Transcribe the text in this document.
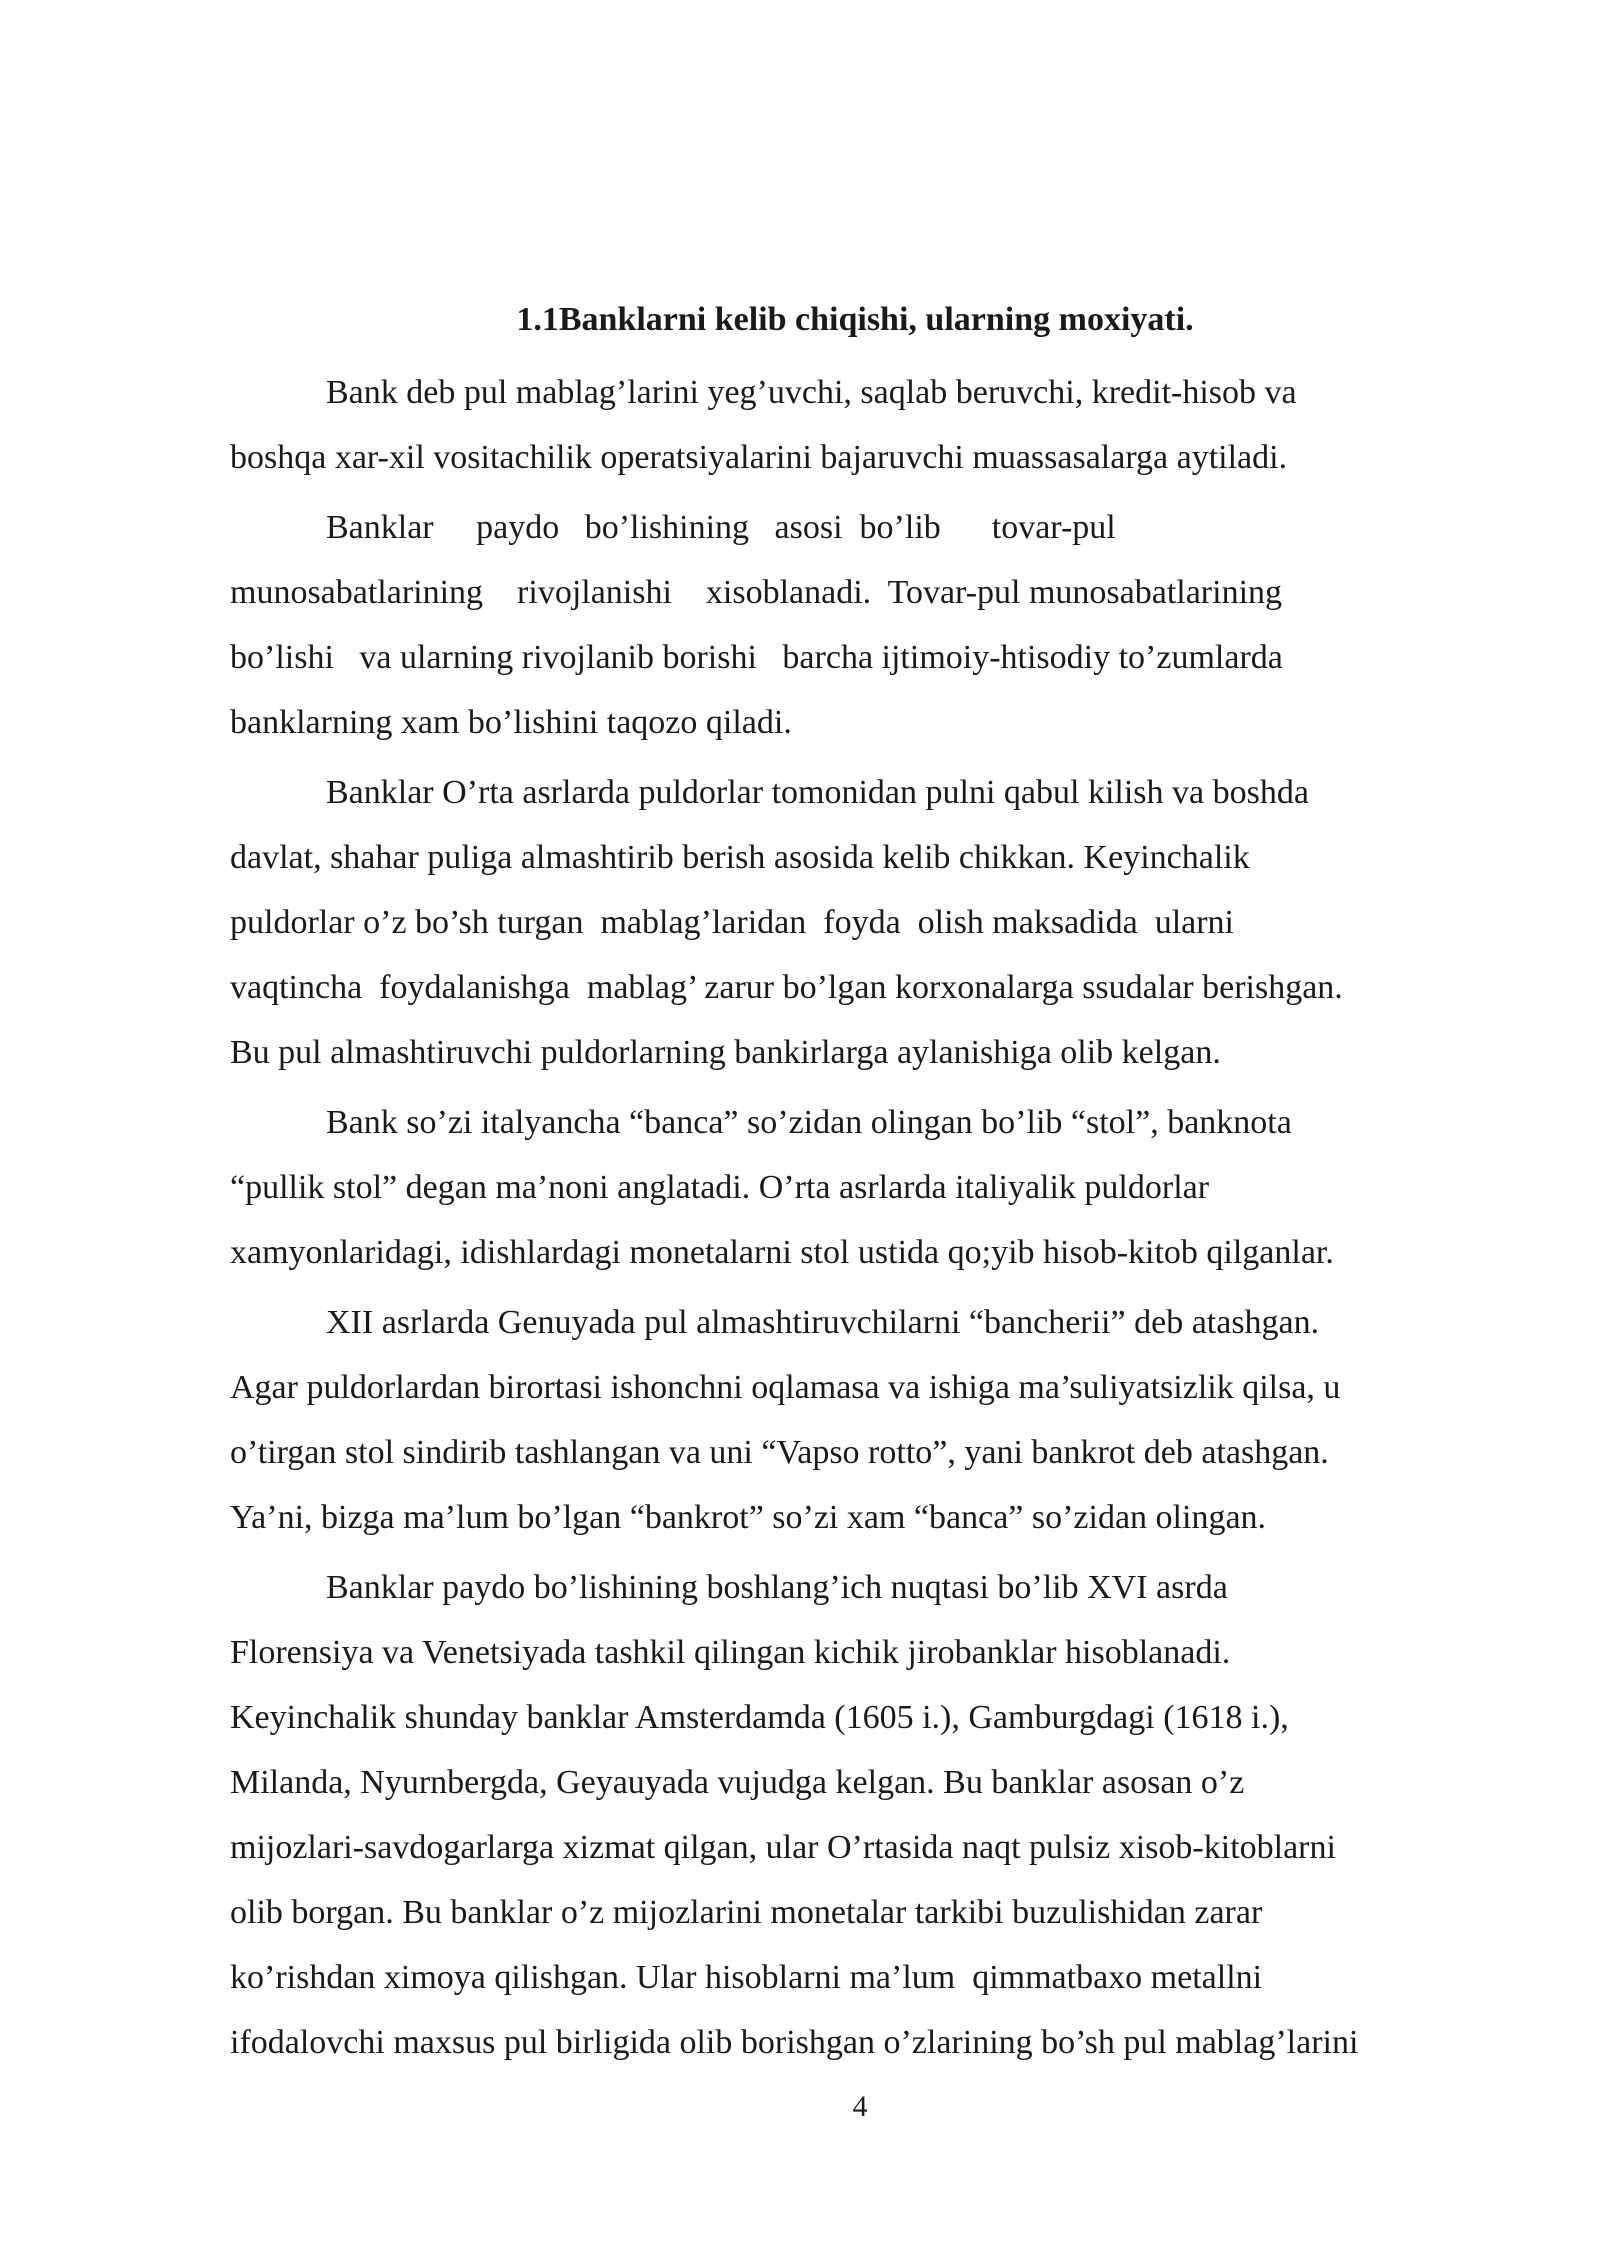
1.1Banklarni kelib chiqishi, ularning moxiyati.

Bank deb pul mablag’larini yeg’uvchi, saqlab beruvchi, kredit-hisob va

boshqa xar-xil vositachilik operatsiyalarini bajaruvchi muassasalarga aytiladi.

Banklar     paydo   bo’lishining   asosi  bo’lib      tovar-pul

munosabatlarining    rivojlanishi    xisoblanadi.  Tovar-pul munosabatlarining

bo’lishi   va ularning rivojlanib borishi   barcha ijtimoiy-htisodiy to’zumlarda

banklarning xam bo’lishini taqozo qiladi.

Banklar O’rta asrlarda puldorlar tomonidan pulni qabul kilish va boshda

davlat, shahar puliga almashtirib berish asosida kelib chikkan. Keyinchalik

puldorlar o’z bo’sh turgan  mablag’laridan  foyda  olish maksadida  ularni

vaqtincha  foydalanishga  mablag’ zarur bo’lgan korxonalarga ssudalar berishgan.

Bu pul almashtiruvchi puldorlarning bankirlarga aylanishiga olib kelgan.

Bank so’zi italyancha “banca” so’zidan olingan bo’lib “stol”, banknota

“pullik stol” degan ma’noni anglatadi. O’rta asrlarda italiyalik puldorlar

xamyonlaridagi, idishlardagi monetalarni stol ustida qo;yib hisob-kitob qilganlar.

XII asrlarda Genuyada pul almashtiruvchilarni “bancherii” deb atashgan.

Agar puldorlardan birortasi ishonchni oqlamasa va ishiga ma’suliyatsizlik qilsa, u

o’tirgan stol sindirib tashlangan va uni “Vapso rotto”, yani bankrot deb atashgan.

Ya’ni, bizga ma’lum bo’lgan “bankrot” so’zi xam “banca” so’zidan olingan.

Banklar paydo bo’lishining boshlang’ich nuqtasi bo’lib XVI asrda

Florensiya va Venetsiyada tashkil qilingan kichik jirobanklar hisoblanadi.

Keyinchalik shunday banklar Amsterdamda (1605 i.), Gamburgdagi (1618 i.),

Milanda, Nyurnbergda, Geyauyada vujudga kelgan. Bu banklar asosan o’z

mijozlari-savdogarlarga xizmat qilgan, ular O’rtasida naqt pulsiz xisob-kitoblarni

olib borgan. Bu banklar o’z mijozlarini monetalar tarkibi buzulishidan zarar

ko’rishdan ximoya qilishgan. Ular hisoblarni ma’lum  qimmatbaxo metallni

ifodalovchi maxsus pul birligida olib borishgan o’zlarining bo’sh pul mablag’larini

4
